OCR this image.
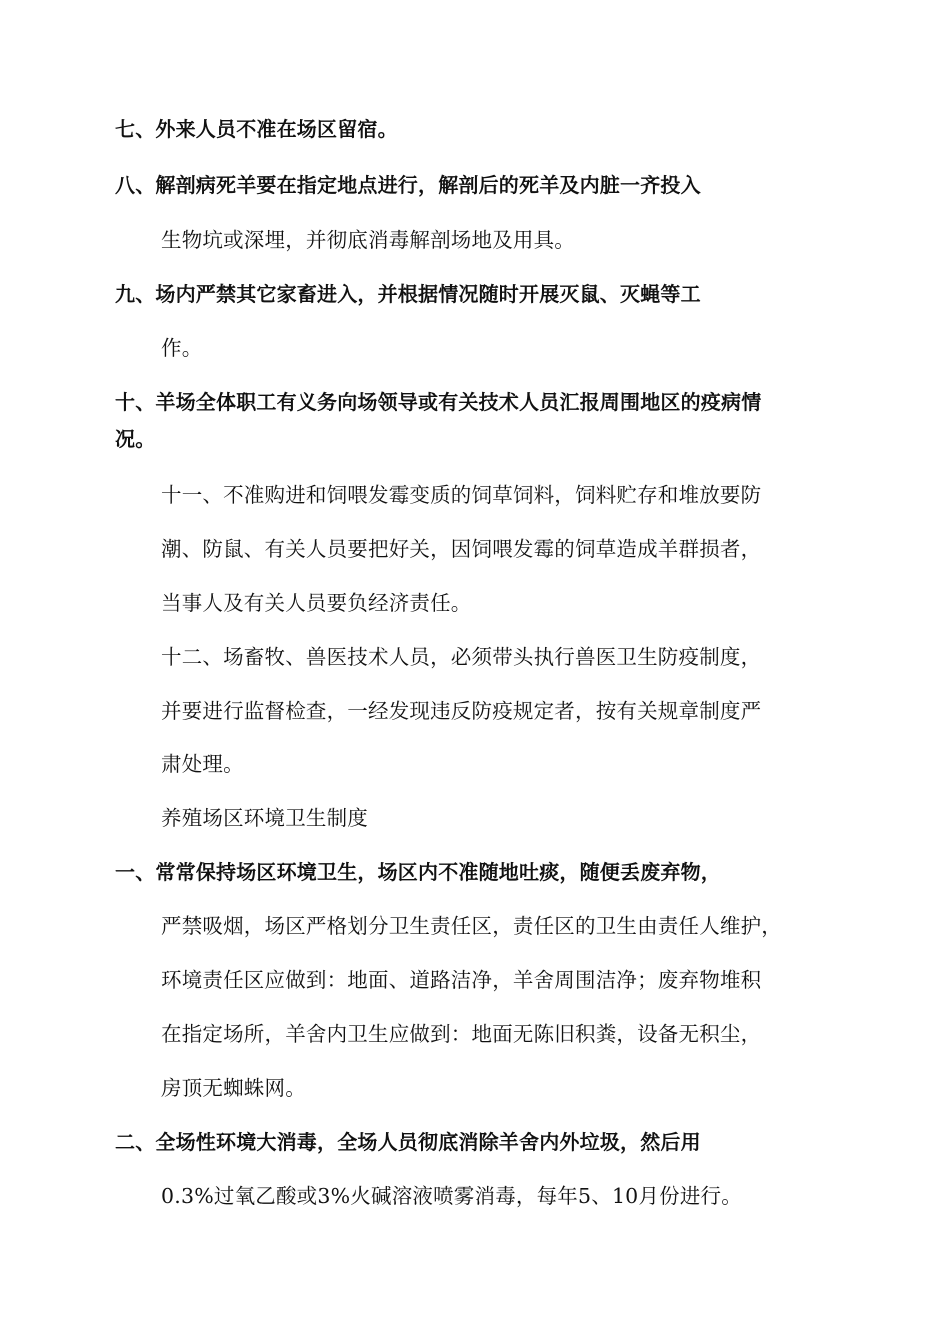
七、外来人员不准在场区留宿。
八、解剖病死羊要在指定地点进行，解剖后的死羊及内脏一齐投入
生物坑或深埋，并彻底消毒解剖场地及用具。
九、场内严禁其它家畜进入，并根据情况随时开展灭鼠、灭蝇等工
作。
十、羊场全体职工有义务向场领导或有关技术人员汇报周围地区的疫病情
况。
十一、不准购进和饲喂发霉变质的饲草饲料，饲料贮存和堆放要防
潮、防鼠、有关人员要把好关，因饲喂发霉的饲草造成羊群损者，
当事人及有关人员要负经济责任。
十二、场畜牧、兽医技术人员，必须带头执行兽医卫生防疫制度，
并要进行监督检查，一经发现违反防疫规定者，按有关规章制度严
肃处理。
养殖场区环境卫生制度
一、常常保持场区环境卫生，场区内不准随地吐痰，随便丢废弃物，
严禁吸烟，场区严格划分卫生责任区，责任区的卫生由责任人维护，
环境责任区应做到：地面、道路洁净，羊舍周围洁净；废弃物堆积
在指定场所，羊舍内卫生应做到：地面无陈旧积粪，设备无积尘，
房顶无蜘蛛网。
二、全场性环境大消毒，全场人员彻底消除羊舍内外垃圾，然后用
0.3%过氧乙酸或3%火碱溶液喷雾消毒，每年5、10月份进行。
